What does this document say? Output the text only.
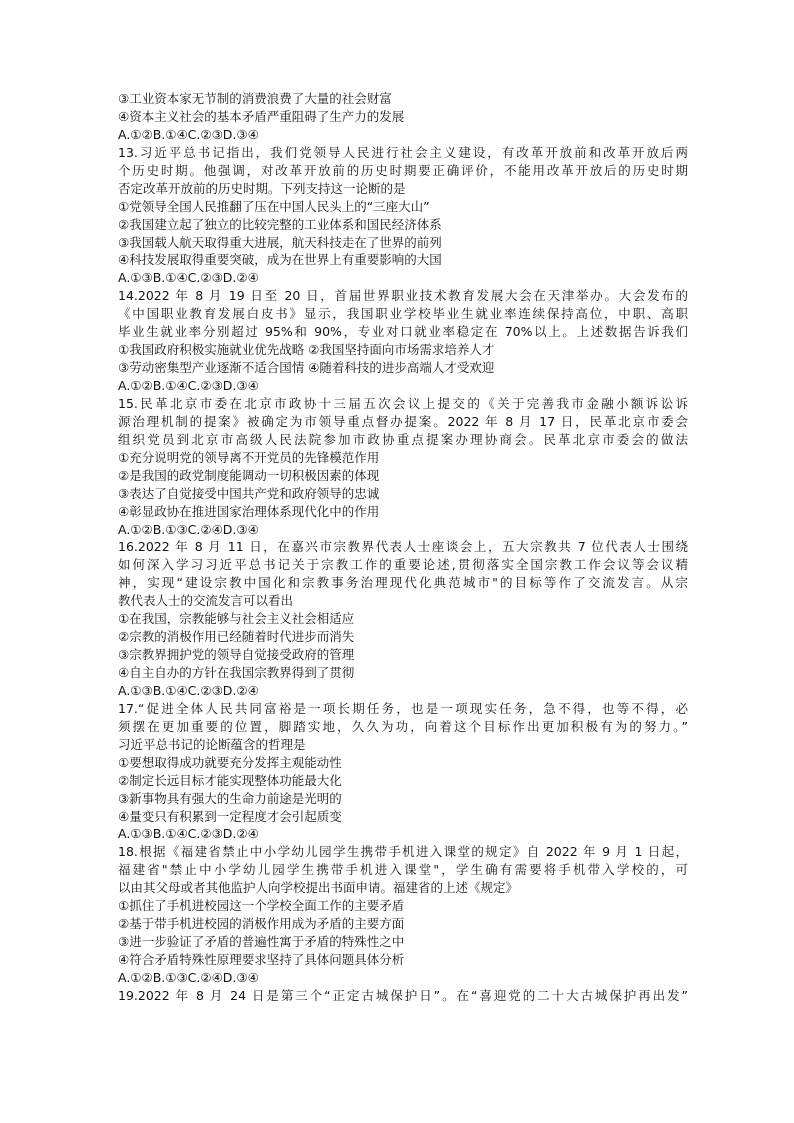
③工业资本家无节制的消费浪费了大量的社会财富
④资本主义社会的基本矛盾严重阻碍了生产力的发展
A.①②B.①④C.②③D.③④
13.习近平总书记指出，我们党领导人民进行社会主义建设，有改革开放前和改革开放后两
个历史时期。他强调，对改革开放前的历史时期要正确评价，不能用改革开放后的历史时期
否定改革开放前的历史时期。下列支持这一论断的是
①党领导全国人民推翻了压在中国人民头上的“三座大山”
②我国建立起了独立的比较完整的工业体系和国民经济体系
③我国载人航天取得重大进展，航天科技走在了世界的前列
④科技发展取得重要突破，成为在世界上有重要影响的大国
A.①③B.①④C.②③D.②④
14.2022 年 8 月 19 日至 20 日，首届世界职业技术教育发展大会在天津举办。大会发布的
《中国职业教育发展白皮书》显示，我国职业学校毕业生就业率连续保持高位，中职、高职
毕业生就业率分别超过 95%和 90%，专业对口就业率稳定在 70%以上。上述数据告诉我们
①我国政府积极实施就业优先战略 ②我国坚持面向市场需求培养人才
③劳动密集型产业逐渐不适合国情 ④随着科技的进步高端人才受欢迎
A.①②B.①④C.②③D.③④
15.民革北京市委在北京市政协十三届五次会议上提交的《关于完善我市金融小额诉讼诉
源治理机制的提案》被确定为市领导重点督办提案。2022 年 8 月 17 日，民革北京市委会
组织党员到北京市高级人民法院参加市政协重点提案办理协商会。民革北京市委会的做法
①充分说明党的领导离不开党员的先锋模范作用
②是我国的政党制度能调动一切积极因素的体现
③表达了自觉接受中国共产党和政府领导的忠诚
④彰显政协在推进国家治理体系现代化中的作用
A.①②B.①③C.②④D.③④
16.2022 年 8 月 11 日，在嘉兴市宗教界代表人士座谈会上，五大宗教共 7 位代表人士围绕
如何深入学习习近平总书记关于宗教工作的重要论述,贯彻落实全国宗教工作会议等会议精
神，实现“建设宗教中国化和宗教事务治理现代化典范城市"的目标等作了交流发言。从宗
教代表人士的交流发言可以看出
①在我国，宗教能够与社会主义社会相适应
②宗教的消极作用已经随着时代进步而消失
③宗教界拥护党的领导自觉接受政府的管理
④自主自办的方针在我国宗教界得到了贯彻
A.①③B.①④C.②③D.②④
17.“促进全体人民共同富裕是一项长期任务，也是一项现实任务，急不得，也等不得，必
须摆在更加重要的位置，脚踏实地，久久为功，向着这个目标作出更加积极有为的努力。”
习近平总书记的论断蕴含的哲理是
①要想取得成功就要充分发挥主观能动性
②制定长远目标才能实现整体功能最大化
③新事物具有强大的生命力前途是光明的
④量变只有积累到一定程度才会引起质变
A.①③B.①④C.②③D.②④
18.根据《福建省禁止中小学幼儿园学生携带手机进入课堂的规定》自 2022 年 9 月 1 日起，
福建省"禁止中小学幼儿园学生携带手机进入课堂"，学生确有需要将手机带入学校的，可
以由其父母或者其他监护人向学校提出书面申请。福建省的上述《规定》
①抓住了手机进校园这一个学校全面工作的主要矛盾
②基于带手机进校园的消极作用成为矛盾的主要方面
③进一步验证了矛盾的普遍性寓于矛盾的特殊性之中
④符合矛盾特殊性原理要求坚持了具体问题具体分析
A.①②B.①③C.②④D.③④
19.2022 年 8 月 24 日是第三个“正定古城保护日”。在“喜迎党的二十大古城保护再出发”
